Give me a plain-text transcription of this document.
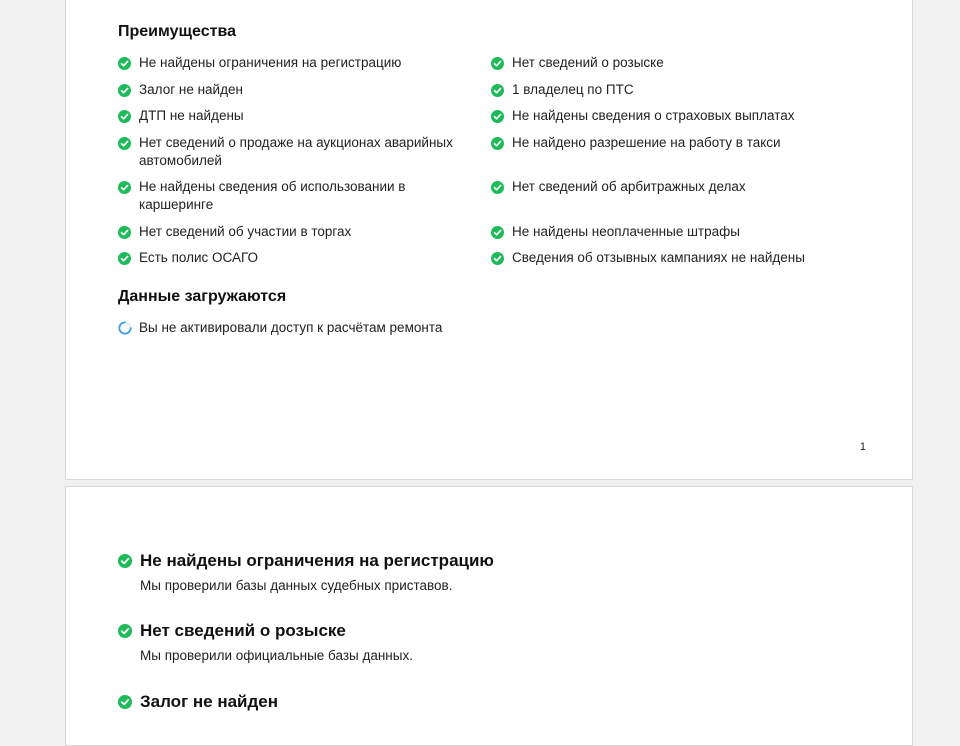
Преимущества
Не найдены ограничения на регистрацию
Залог не найден
ДТП не найдены
Нет сведений о продаже на аукционах аварийных автомобилей
Не найдены сведения об использовании в каршеринге
Нет сведений об участии в торгах
Есть полис ОСАГО
Нет сведений о розыске
1 владелец по ПТС
Не найдены сведения о страховых выплатах
Не найдено разрешение на работу в такси
Нет сведений об арбитражных делах
Не найдены неоплаченные штрафы
Сведения об отзывных кампаниях не найдены
Данные загружаются
Вы не активировали доступ к расчётам ремонта
1
Не найдены ограничения на регистрацию
Мы проверили базы данных судебных приставов.
Нет сведений о розыске
Мы проверили официальные базы данных.
Залог не найден
